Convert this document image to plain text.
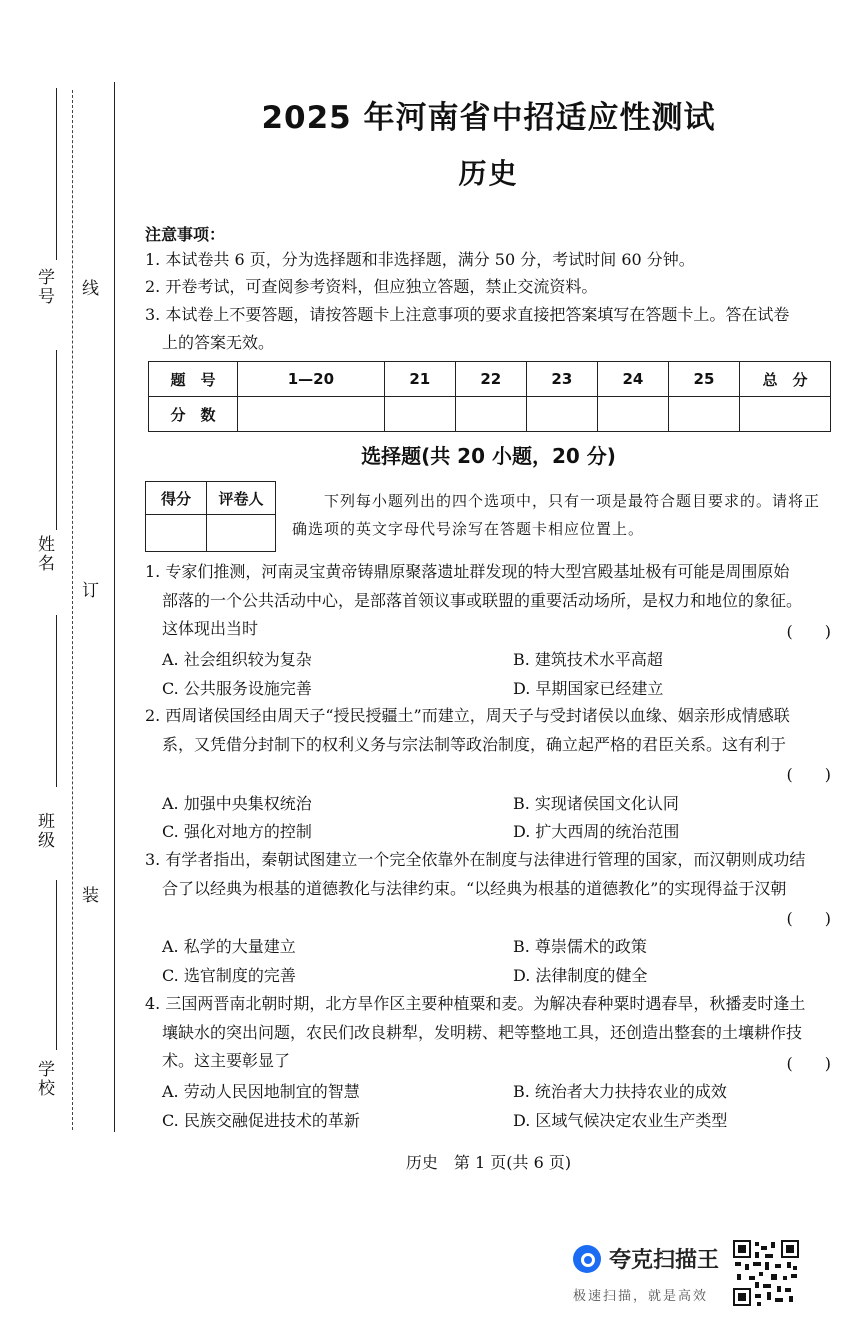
线
订
装
学号
姓名
班级
学校
2025 年河南省中招适应性测试
历史
注意事项：
1. 本试卷共 6 页，分为选择题和非选择题，满分 50 分，考试时间 60 分钟。
2. 开卷考试，可查阅参考资料，但应独立答题，禁止交流资料。
3. 本试卷上不要答题，请按答题卡上注意事项的要求直接把答案填写在答题卡上。答在试卷
上的答案无效。
题　号	1—20	21	22	23	24	25	总　分
分　数							
选择题(共 20 小题，20 分)
得分	评卷人
		下列每小题列出的四个选项中，只有一项是最符合题目要求的。请将正确选项的英文字母代号涂写在答题卡相应位置上。
1. 专家们推测，河南灵宝黄帝铸鼎原聚落遗址群发现的特大型宫殿基址极有可能是周围原始
部落的一个公共活动中心，是部落首领议事或联盟的重要活动场所，是权力和地位的象征。
这体现出当时	(　　)
A. 社会组织较为复杂	B. 建筑技术水平高超
C. 公共服务设施完善	D. 早期国家已经建立
2. 西周诸侯国经由周天子“授民授疆土”而建立，周天子与受封诸侯以血缘、姻亲形成情感联
系，又凭借分封制下的权利义务与宗法制等政治制度，确立起严格的君臣关系。这有利于
(　　)
A. 加强中央集权统治	B. 实现诸侯国文化认同
C. 强化对地方的控制	D. 扩大西周的统治范围
3. 有学者指出，秦朝试图建立一个完全依靠外在制度与法律进行管理的国家，而汉朝则成功结
合了以经典为根基的道德教化与法律约束。“以经典为根基的道德教化”的实现得益于汉朝
(　　)
A. 私学的大量建立	B. 尊崇儒术的政策
C. 选官制度的完善	D. 法律制度的健全
4. 三国两晋南北朝时期，北方旱作区主要种植粟和麦。为解决春种粟时遇春旱，秋播麦时逢土
壤缺水的突出问题，农民们改良耕犁，发明耢、耙等整地工具，还创造出整套的土壤耕作技
术。这主要彰显了	(　　)
A. 劳动人民因地制宜的智慧	B. 统治者大力扶持农业的成效
C. 民族交融促进技术的革新	D. 区域气候决定农业生产类型
历史　第 1 页(共 6 页)
夸克扫描王
极速扫描，就是高效
